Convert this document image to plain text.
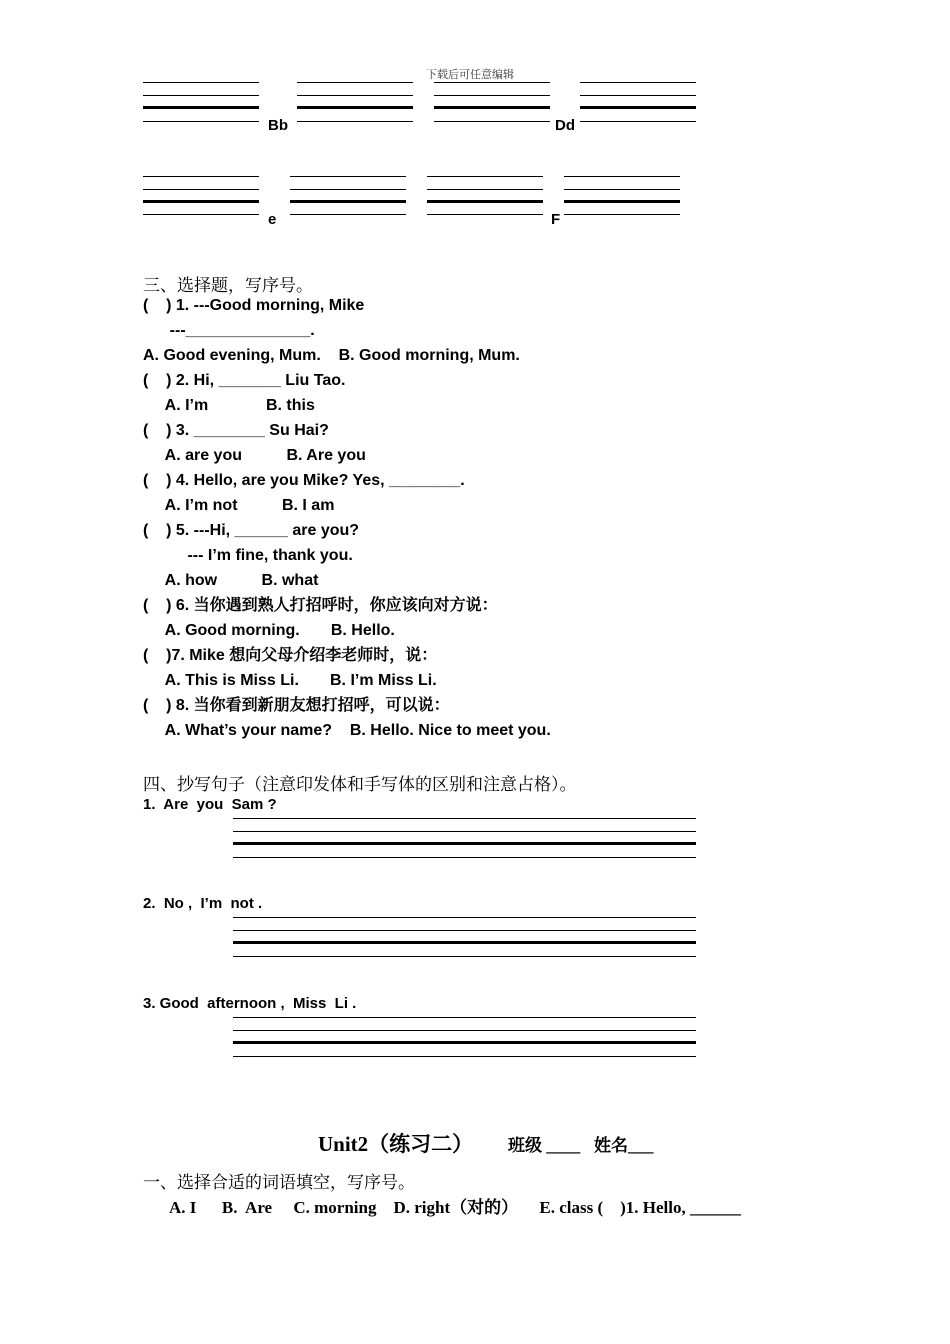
下载后可任意编辑
Bb	Dd
e	F
三、选择题，写序号。
(    ) 1. ---Good morning, Mike
---______________.
A. Good evening, Mum.    B. Good morning, Mum.
(    ) 2. Hi, _______ Liu Tao.
A. I’m             B. this
(    ) 3. ________ Su Hai?
A. are you          B. Are you
(    ) 4. Hello, are you Mike? Yes, ________.
A. I’m not          B. I am
(    ) 5. ---Hi, ______ are you?
--- I’m fine, thank you.
A. how          B. what
(    ) 6. 当你遇到熟人打招呼时，你应该向对方说：
A. Good morning.       B. Hello.
(    )7. Mike 想向父母介绍李老师时，说：
A. This is Miss Li.       B. I’m Miss Li.
(    ) 8. 当你看到新朋友想打招呼，可以说：
A. What’s your name?    B. Hello. Nice to meet you.
四、抄写句子（注意印发体和手写体的区别和注意占格）。
1.  Are  you  Sam ?
2.  No ,  I’m  not .
3. Good  afternoon ,  Miss  Li .
Unit2（练习二） 班级 ____ 姓名___
一、选择合适的词语填空，写序号。
A. I      B.  Are     C. morning    D. right（对的）     E. class (    )1. Hello, ______
